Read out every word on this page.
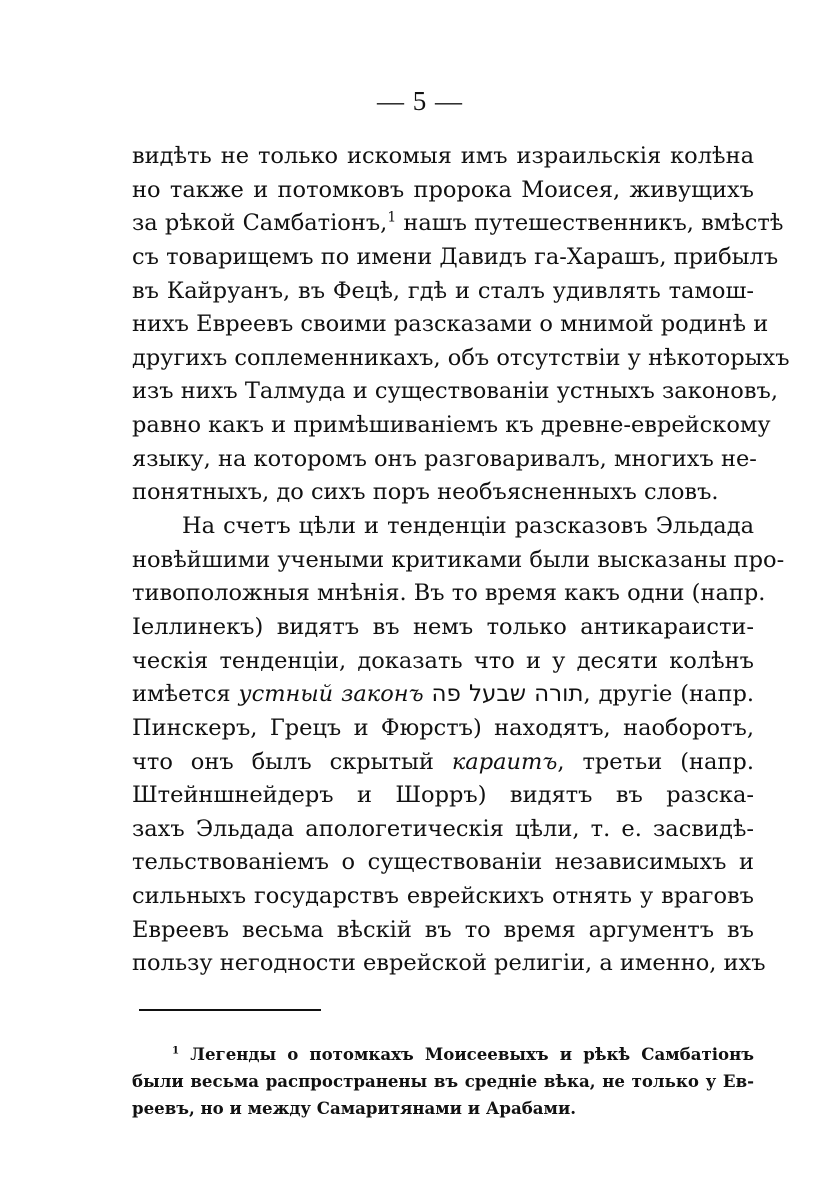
— 5 —
видѣть не только искомыя имъ израильскія колѣна
но также и потомковъ пророка Моисея, живущихъ
за рѣкой Самбатіонъ,$^1$ нашъ путешественникъ, вмѣстѣ
съ товарищемъ по имени Давидъ га-Харашъ, прибылъ
въ Кайруанъ, въ Фецѣ, гдѣ и сталъ удивлять тамош-
нихъ Евреевъ своими разсказами о мнимой родинѣ и
другихъ соплеменникахъ, объ отсутствіи у нѣкоторыхъ
изъ нихъ Талмуда и существованіи устныхъ законовъ,
равно какъ и примѣшиваніемъ къ древне-еврейскому
языку, на которомъ онъ разговаривалъ, многихъ не-
понятныхъ, до сихъ поръ необъясненныхъ словъ.
На счетъ цѣли и тенденціи разсказовъ Эльдада
новѣйшими учеными критиками были высказаны про-
тивоположныя мнѣнія. Въ то время какъ одни (напр.
Іеллинекъ) видятъ въ немъ только антикараисти-
ческія тенденціи, доказать что и у десяти колѣнъ
имѣется устный законъ תורה שבעל פה, другіе (напр.
Пинскеръ, Грецъ и Фюрстъ) находятъ, наоборотъ,
что онъ былъ скрытый караитъ, третьи (напр.
Штейншнейдеръ и Шорръ) видятъ въ разска-
захъ Эльдада апологетическія цѣли, т. е. засвидѣ-
тельствованіемъ о существованіи независимыхъ и
сильныхъ государствъ еврейскихъ отнять у враговъ
Евреевъ весьма вѣскій въ то время аргументъ въ
пользу негодности еврейской религіи, а именно, ихъ
$^1$ Легенды о потомкахъ Моисеевыхъ и рѣкѣ Самбатіонъ
были весьма распространены въ средніе вѣка, не только у Ев-
реевъ, но и между Самаритянами и Арабами.
